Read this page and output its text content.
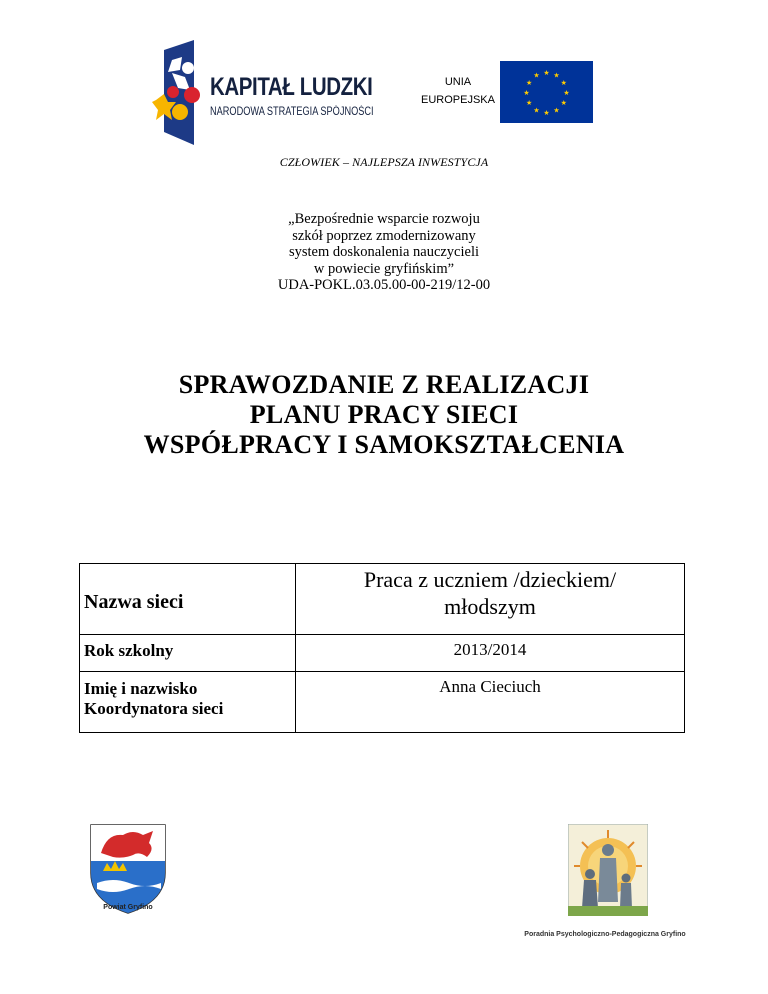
KAPITAŁ LUDZKI
NARODOWA STRATEGIA SPÓJNOŚCI
UNIA
EUROPEJSKA
★ ★
★
★
★
★
★
★
★
★
★
★
CZŁOWIEK – NAJLEPSZA INWESTYCJA
„Bezpośrednie wsparcie rozwoju
szkół poprzez zmodernizowany
system doskonalenia nauczycieli
w powiecie gryfińskim”
UDA-POKL.03.05.00-00-219/12-00
SPRAWOZDANIE Z REALIZACJI
PLANU PRACY SIECI
WSPÓŁPRACY I SAMOKSZTAŁCENIA
Nazwa sieci	Praca z uczniem /dzieckiem/
młodszym

Rok szkolny	2013/2014

Imię i nazwisko
Koordynatora sieci	Anna Cieciuch
Powiat Gryfino
Poradnia Psychologiczno-Pedagogiczna Gryfino
